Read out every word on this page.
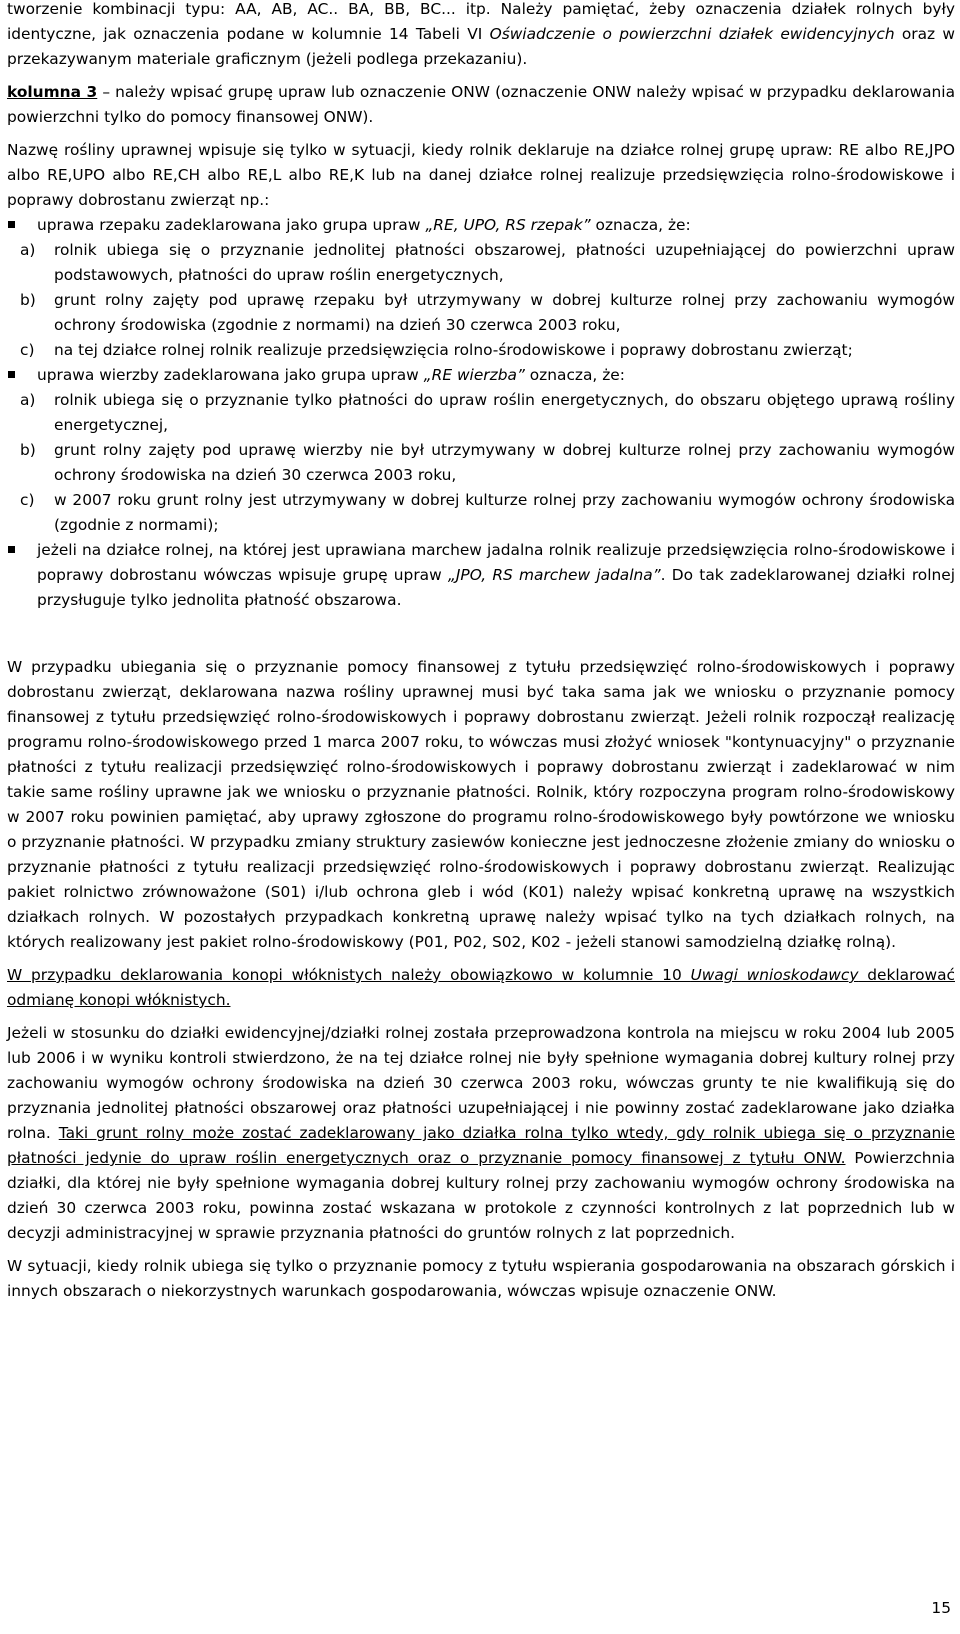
tworzenie kombinacji typu: AA, AB, AC.. BA, BB, BC... itp. Należy pamiętać, żeby oznaczenia działek rolnych były identyczne, jak oznaczenia podane w kolumnie 14 Tabeli VI Oświadczenie o powierzchni działek ewidencyjnych oraz w przekazywanym materiale graficznym (jeżeli podlega przekazaniu).

kolumna 3 – należy wpisać grupę upraw lub oznaczenie ONW (oznaczenie ONW należy wpisać w przypadku deklarowania powierzchni tylko do pomocy finansowej ONW).

Nazwę rośliny uprawnej wpisuje się tylko w sytuacji, kiedy rolnik deklaruje na działce rolnej grupę upraw: RE albo RE,JPO albo RE,UPO albo RE,CH albo RE,L albo RE,K lub na danej działce rolnej realizuje przedsięwzięcia rolno-środowiskowe i poprawy dobrostanu zwierząt np.:

uprawa rzepaku zadeklarowana jako grupa upraw „RE, UPO, RS rzepak” oznacza, że:
a) rolnik ubiega się o przyznanie jednolitej płatności obszarowej, płatności uzupełniającej do powierzchni upraw podstawowych, płatności do upraw roślin energetycznych,
b) grunt rolny zajęty pod uprawę rzepaku był utrzymywany w dobrej kulturze rolnej przy zachowaniu wymogów ochrony środowiska (zgodnie z normami) na dzień 30 czerwca 2003 roku,
c) na tej działce rolnej rolnik realizuje przedsięwzięcia rolno-środowiskowe i poprawy dobrostanu zwierząt;
uprawa wierzby zadeklarowana jako grupa upraw „RE wierzba” oznacza, że:
a) rolnik ubiega się o przyznanie tylko płatności do upraw roślin energetycznych, do obszaru objętego uprawą rośliny energetycznej,
b) grunt rolny zajęty pod uprawę wierzby nie był utrzymywany w dobrej kulturze rolnej przy zachowaniu wymogów ochrony środowiska na dzień 30 czerwca 2003 roku,
c) w 2007 roku grunt rolny jest utrzymywany w dobrej kulturze rolnej przy zachowaniu wymogów ochrony środowiska (zgodnie z normami);
jeżeli na działce rolnej, na której jest uprawiana marchew jadalna rolnik realizuje przedsięwzięcia rolno-środowiskowe i poprawy dobrostanu wówczas wpisuje grupę upraw „JPO, RS marchew jadalna”. Do tak zadeklarowanej działki rolnej przysługuje tylko jednolita płatność obszarowa.

W przypadku ubiegania się o przyznanie pomocy finansowej z tytułu przedsięwzięć rolno-środowiskowych i poprawy dobrostanu zwierząt, deklarowana nazwa rośliny uprawnej musi być taka sama jak we wniosku o przyznanie pomocy finansowej z tytułu przedsięwzięć rolno-środowiskowych i poprawy dobrostanu zwierząt. Jeżeli rolnik rozpoczął realizację programu rolno-środowiskowego przed 1 marca 2007 roku, to wówczas musi złożyć wniosek "kontynuacyjny" o przyznanie płatności z tytułu realizacji przedsięwzięć rolno-środowiskowych i poprawy dobrostanu zwierząt i zadeklarować w nim takie same rośliny uprawne jak we wniosku o przyznanie płatności. Rolnik, który rozpoczyna program rolno-środowiskowy w 2007 roku powinien pamiętać, aby uprawy zgłoszone do programu rolno-środowiskowego były powtórzone we wniosku o przyznanie płatności. W przypadku zmiany struktury zasiewów konieczne jest jednoczesne złożenie zmiany do wniosku o przyznanie płatności z tytułu realizacji przedsięwzięć rolno-środowiskowych i poprawy dobrostanu zwierząt. Realizując pakiet rolnictwo zrównoważone (S01) i/lub ochrona gleb i wód (K01) należy wpisać konkretną uprawę na wszystkich działkach rolnych. W pozostałych przypadkach konkretną uprawę należy wpisać tylko na tych działkach rolnych, na których realizowany jest pakiet rolno-środowiskowy (P01, P02, S02, K02 - jeżeli stanowi samodzielną działkę rolną).

W przypadku deklarowania konopi włóknistych należy obowiązkowo w kolumnie 10 Uwagi wnioskodawcy deklarować odmianę konopi włóknistych.

Jeżeli w stosunku do działki ewidencyjnej/działki rolnej została przeprowadzona kontrola na miejscu w roku 2004 lub 2005 lub 2006 i w wyniku kontroli stwierdzono, że na tej działce rolnej nie były spełnione wymagania dobrej kultury rolnej przy zachowaniu wymogów ochrony środowiska na dzień 30 czerwca 2003 roku, wówczas grunty te nie kwalifikują się do przyznania jednolitej płatności obszarowej oraz płatności uzupełniającej i nie powinny zostać zadeklarowane jako działka rolna. Taki grunt rolny może zostać zadeklarowany jako działka rolna tylko wtedy, gdy rolnik ubiega się o przyznanie płatności jedynie do upraw roślin energetycznych oraz o przyznanie pomocy finansowej z tytułu ONW. Powierzchnia działki, dla której nie były spełnione wymagania dobrej kultury rolnej przy zachowaniu wymogów ochrony środowiska na dzień 30 czerwca 2003 roku, powinna zostać wskazana w protokole z czynności kontrolnych z lat poprzednich lub w decyzji administracyjnej w sprawie przyznania płatności do gruntów rolnych z lat poprzednich.

W sytuacji, kiedy rolnik ubiega się tylko o przyznanie pomocy z tytułu wspierania gospodarowania na obszarach górskich i innych obszarach o niekorzystnych warunkach gospodarowania, wówczas wpisuje oznaczenie ONW.

15
